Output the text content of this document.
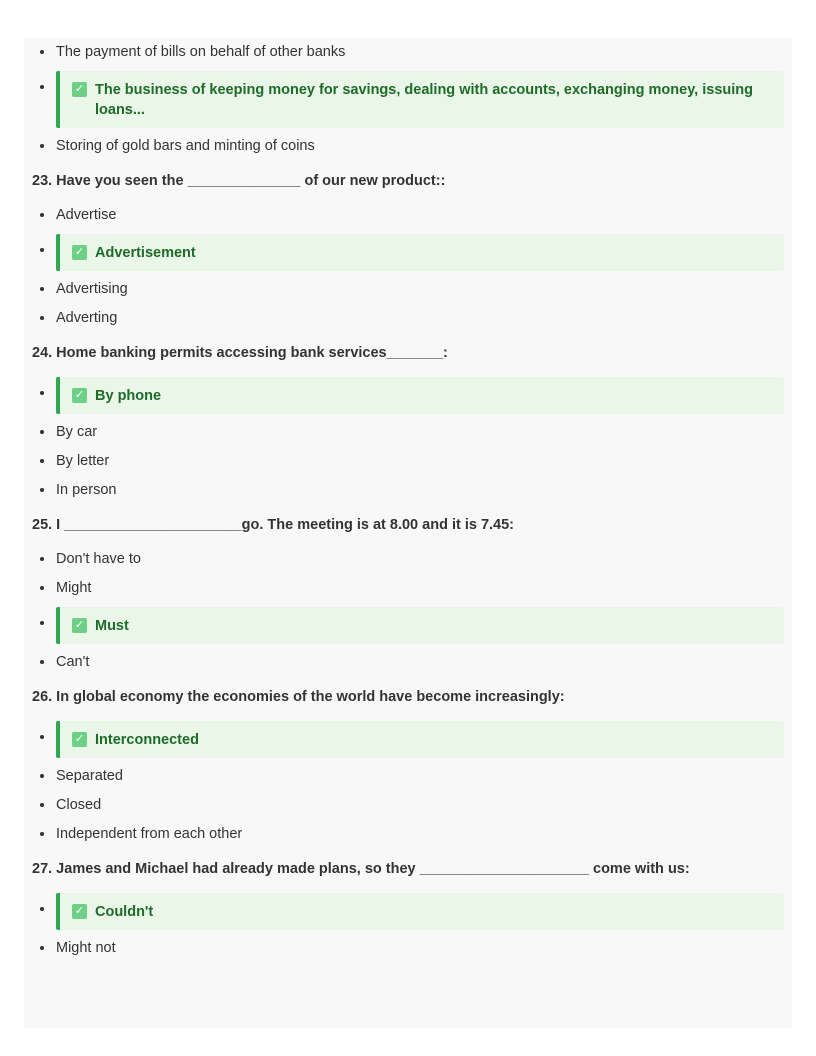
The payment of bills on behalf of other banks
✓ The business of keeping money for savings, dealing with accounts, exchanging money, issuing loans...
Storing of gold bars and minting of coins

23. Have you seen the ______________ of our new product::

Advertise
✓ Advertisement
Advertising
Adverting

24. Home banking permits accessing bank services_______:

✓ By phone
By car
By letter
In person

25. I ______________________go. The meeting is at 8.00 and it is 7.45:

Don't have to
Might
✓ Must
Can't

26. In global economy the economies of the world have become increasingly:

✓ Interconnected
Separated
Closed
Independent from each other

27. James and Michael had already made plans, so they _____________________ come with us:

✓ Couldn't
Might not
